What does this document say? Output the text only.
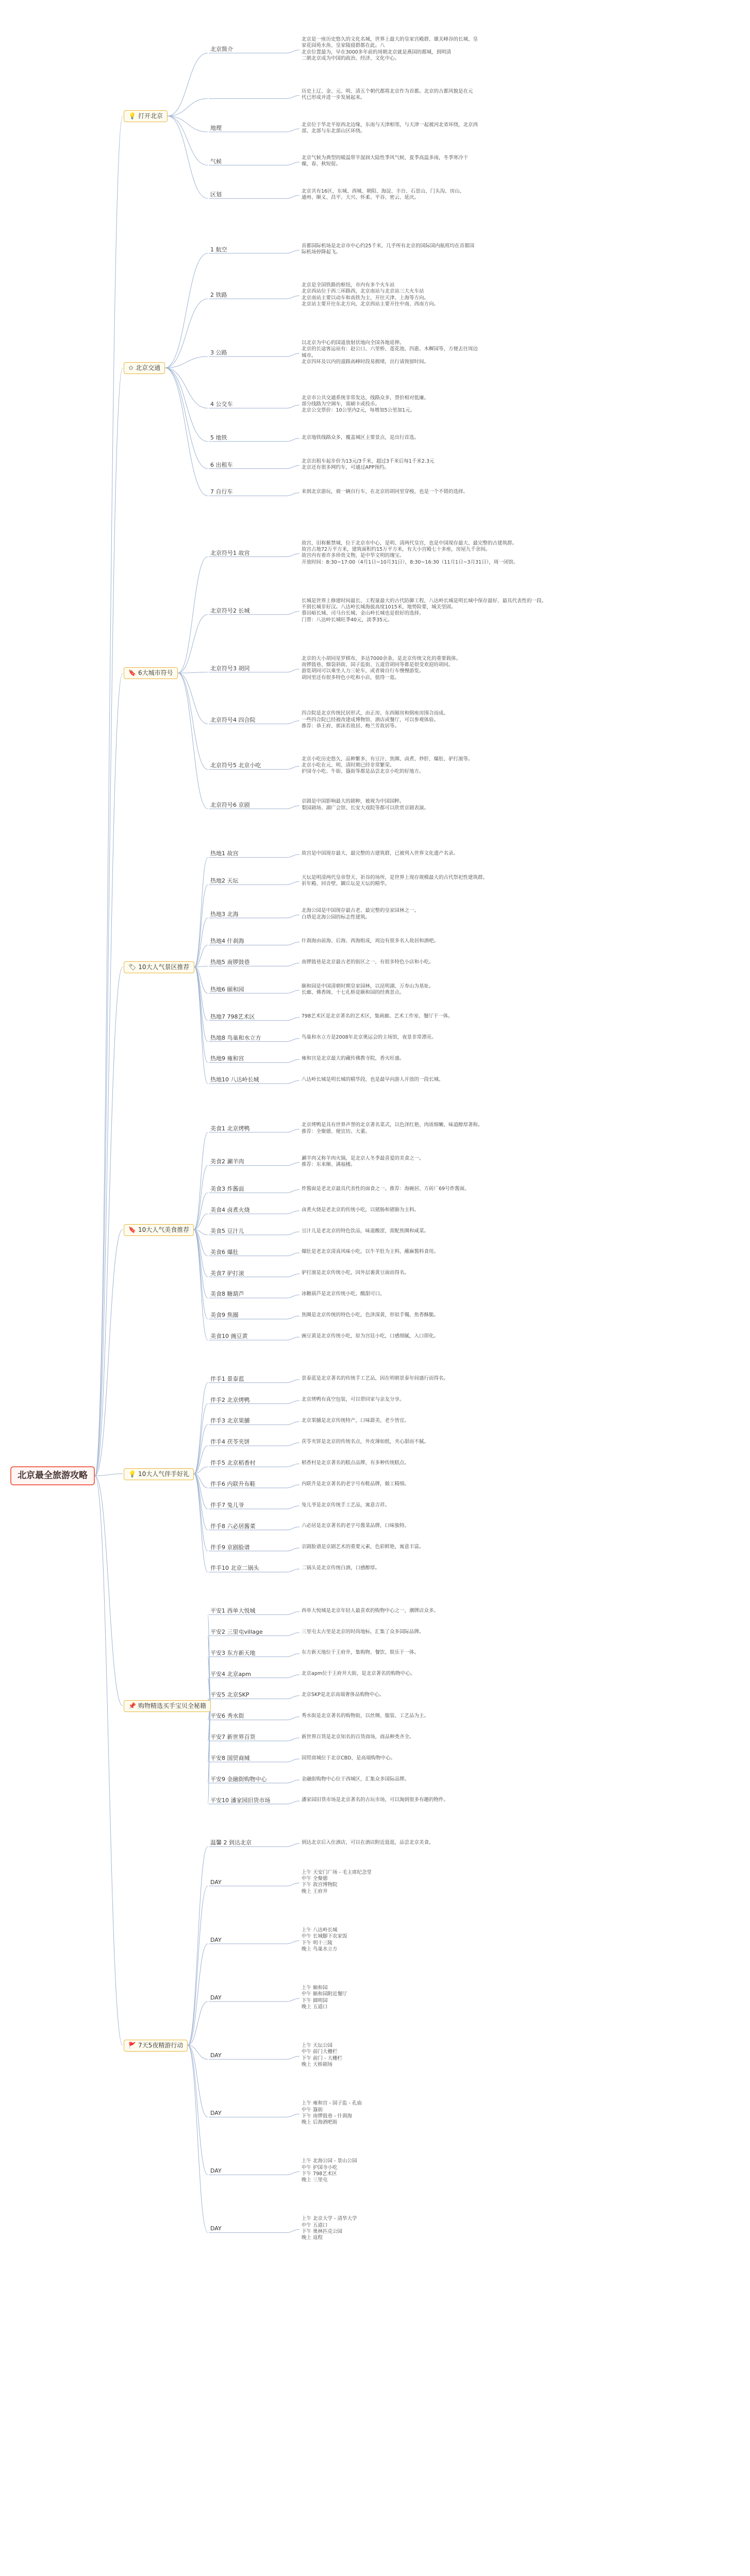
北京最全旅游攻略
北京是一座历史悠久的文化名城，世界上最大的皇家宫殿群、雄关峰谷的长城、皇
家花园苑水魚、皇家陵寝群都在此。八
北京位置最为，早在3000多年前的周朝北京就是燕国的都城，到明清
二朝北京成为中国的政治、经济、文化中心。
北京简介
历史上辽、金、元、明、清五个朝代都将北京作为首都。北京的古都风貌是在元
代已形成并进一步发展起来。
北京位于华北平原西北边缘，东南与天津相邻，与天津一起被河北省环绕，北京西
部、北部与东北部山区环绕。
地理
北京气候为典型的暖温带半湿润大陆性季风气候，夏季高温多雨，冬季寒冷干
燥，春、秋短促。
气候
北京共有16区，东城、西城、朝阳、海淀、丰台、石景山、门头沟、房山、
通州、顺义、昌平、大兴、怀柔、平谷、密云、延庆。
区划
💡 打开北京
首都国际机场是北京市中心约25千米，几乎所有北京的国际国内航班均在首都国
际机场停降起飞。
1 航空
北京是全国铁路的枢纽，市内有多个火车站
北京西站位于西三环路西，北京南站与北京站三大火车站
北京南站主要以动车和高铁为主，开往天津、上海等方向。
北京站主要开往东北方向，北京西站主要开往中南、西南方向。
2 铁路
以北京为中心的国道放射状地向全国各地延伸。
北京的长途客运站有：赵公口、六里桥、莲花池、四惠、木樨园等，方便去往周边
城市。
北京四环及以内的道路高峰时段易拥堵，出行请预留时间。
3 公路
北京市公共交通系统非常发达，线路众多，票价相对低廉。
部分线路为空调车，需刷卡或投币。
北京公交票价：10公里内2元，每增加5公里加1元。
4 公交车
北京地铁线路众多，覆盖城区主要景点，是出行首选。
5 地铁
北京出租车起步价为13元/3千米，超过3千米后每1千米2.3元
北京还有很多网约车，可通过APP预约。
6 出租车
来到北京游玩，骑一辆自行车，在北京的胡同里穿梭，也是一个不错的选择。
7 自行车
✩ 北京交通
故宫，旧称紫禁城，位于北京市中心，是明、清两代皇宫，也是中国现存最大、最完整的古建筑群。
故宫占地72万平方米，建筑面积约15万平方米，有大小宫殿七十多座，房屋九千余间。
故宫内有着许多珍贵文物，是中华文明的瑰宝。
开放时间：8:30~17:00（4月1日~10月31日），8:30~16:30（11月1日~3月31日），周一闭馆。
北京符号1 故宫
长城是世界上修建时间最长、工程量最大的古代防御工程，八达岭长城是明长城中保存最好、最具代表性的一段。
不到长城非好汉。八达岭长城海拔高度1015米，地势险要，城关坚固。
慕田峪长城、司马台长城、金山岭长城也是很好的选择。
门票：八达岭长城旺季40元，淡季35元。
北京符号2 长城
北京的大小胡同星罗棋布，多达7000余条，是北京传统文化的重要载体。
南锣鼓巷、烟袋斜街、国子监街、五道营胡同等都是很受欢迎的胡同。
游览胡同可以乘坐人力三轮车，或者骑自行车慢慢游览。
胡同里还有很多特色小吃和小店，值得一逛。
北京符号3 胡同
四合院是北京传统民居形式，由正房、东西厢房和倒座房围合而成。
一些四合院已经被改建成博物馆、酒店或餐厅，可以参观体验。
推荐：恭王府、郭沫若故居、梅兰芳故居等。
北京符号4 四合院
北京小吃历史悠久，品种繁多，有豆汁、焦圈、卤煮、炒肝、爆肚、驴打滚等。
北京小吃在元、明、清时期已经非常繁荣。
护国寺小吃、牛街、簋街等都是品尝北京小吃的好地方。
北京符号5 北京小吃
京剧是中国影响最大的剧种，被视为中国国粹。
梨园剧场、湖广会馆、长安大戏院等都可以欣赏京剧表演。
北京符号6 京剧
🔖 6大城市符号
故宫是中国现存最大、最完整的古建筑群，已被列入世界文化遗产名录。
热地1 故宫
天坛是明清两代皇帝祭天、祈谷的场所，是世界上现存规模最大的古代祭祀性建筑群。
祈年殿、回音壁、圜丘坛是天坛的精华。
热地2 天坛
北海公园是中国现存最古老、最完整的皇家园林之一。
白塔是北海公园的标志性建筑。
热地3 北海
什刹海由前海、后海、西海组成，周边有很多名人故居和酒吧。
热地4 什刹海
南锣鼓巷是北京最古老的街区之一，有很多特色小店和小吃。
热地5 南锣鼓巷
颐和园是中国清朝时期皇家园林，以昆明湖、万寿山为基址。
长廊、佛香阁、十七孔桥是颐和园的经典景点。
热地6 颐和园
798艺术区是北京著名的艺术区，集画廊、艺术工作室、餐厅于一体。
热地7 798艺术区
鸟巢和水立方是2008年北京奥运会的主场馆，夜景非常漂亮。
热地8 鸟巢和水立方
雍和宫是北京最大的藏传佛教寺院，香火旺盛。
热地9 雍和宫
八达岭长城是明长城的精华段，也是最早向游人开放的一段长城。
热地10 八达岭长城
🏷 10大人气景区推荐
北京烤鸭是具有世界声誉的北京著名菜式，以色泽红艳、肉质细嫩、味道醇厚著称。
推荐：全聚德、便宜坊、大董。
美食1 北京烤鸭
涮羊肉又称羊肉火锅，是北京人冬季最喜爱的美食之一。
推荐：东来顺、满福楼。
美食2 涮羊肉
炸酱面是老北京最具代表性的面食之一。推荐：海碗居、方砖厂69号炸酱面。
美食3 炸酱面
卤煮火烧是老北京的传统小吃，以猪肠和猪肺为主料。
美食4 卤煮火烧
豆汁儿是老北京的特色饮品，味道酸涩，需配焦圈和咸菜。
美食5 豆汁儿
爆肚是老北京清真风味小吃，以牛羊肚为主料，蘸麻酱料食用。
美食6 爆肚
驴打滚是北京传统小吃，因外层裹黄豆面而得名。
美食7 驴打滚
冰糖葫芦是北京传统小吃，酸甜可口。
美食8 糖葫芦
焦圈是北京传统的特色小吃，色泽深黄，形似手镯，焦香酥脆。
美食9 焦圈
豌豆黄是北京传统小吃，原为宫廷小吃，口感细腻，入口即化。
美食10 豌豆黄
🔖 10大人气美食推荐
景泰蓝是北京著名的传统手工艺品，因在明朝景泰年间盛行而得名。
伴手1 景泰蓝
北京烤鸭有真空包装，可以带回家与亲友分享。
伴手2 北京烤鸭
北京果脯是北京传统特产，口味甜美，老少皆宜。
伴手3 北京果脯
茯苓夹饼是北京的传统名点，外皮薄如纸，夹心甜而不腻。
伴手4 茯苓夹饼
稻香村是北京著名的糕点品牌，有多种传统糕点。
伴手5 北京稻香村
内联升是北京著名的老字号布鞋品牌，做工精细。
伴手6 内联升布鞋
兔儿爷是北京传统手工艺品，寓意吉祥。
伴手7 兔儿爷
六必居是北京著名的老字号酱菜品牌，口味独特。
伴手8 六必居酱菜
京剧脸谱是京剧艺术的重要元素，色彩鲜艳，寓意丰富。
伴手9 京剧脸谱
二锅头是北京传统白酒，口感醇厚。
伴手10 北京二锅头
💡 10大人气伴手好礼
西单大悦城是北京年轻人最喜欢的购物中心之一，潮牌店众多。
平安1 西单大悦城
三里屯太古里是北京的时尚地标，汇集了众多国际品牌。
平安2 三里屯village
东方新天地位于王府井，集购物、餐饮、娱乐于一体。
平安3 东方新天地
北京apm位于王府井大街，是北京著名的购物中心。
平安4 北京apm
北京SKP是北京高端奢侈品购物中心。
平安5 北京SKP
秀水街是北京著名的购物街，以丝绸、服装、工艺品为主。
平安6 秀水街
新世界百货是北京知名的百货商场，商品种类齐全。
平安7 新世界百货
国贸商城位于北京CBD，是高端购物中心。
平安8 国贸商城
金融街购物中心位于西城区，汇集众多国际品牌。
平安9 金融街购物中心
潘家园旧货市场是北京著名的古玩市场，可以淘到很多有趣的物件。
平安10 潘家园旧货市场
📌 购物精选买手宝贝全秘籍
到达北京后入住酒店，可以在酒店附近逛逛，品尝北京美食。
温馨 2 到达北京
上午 天安门广场 - 毛主席纪念堂
中午 全聚德
下午 故宫博物院
晚上 王府井
DAY
上午 八达岭长城
中午 长城脚下农家饭
下午 明十三陵
晚上 鸟巢水立方
DAY
上午 颐和园
中午 颐和园附近餐厅
下午 圆明园
晚上 五道口
DAY
上午 天坛公园
中午 前门大栅栏
下午 前门 - 大栅栏
晚上 天桥剧场
DAY
上午 雍和宫 - 国子监 - 孔庙
中午 簋街
下午 南锣鼓巷 - 什刹海
晚上 后海酒吧街
DAY
上午 北海公园 - 景山公园
中午 护国寺小吃
下午 798艺术区
晚上 三里屯
DAY
上午 北京大学 - 清华大学
中午 五道口
下午 奥林匹克公园
晚上 返程
DAY
🚩 7天5夜精游行动
